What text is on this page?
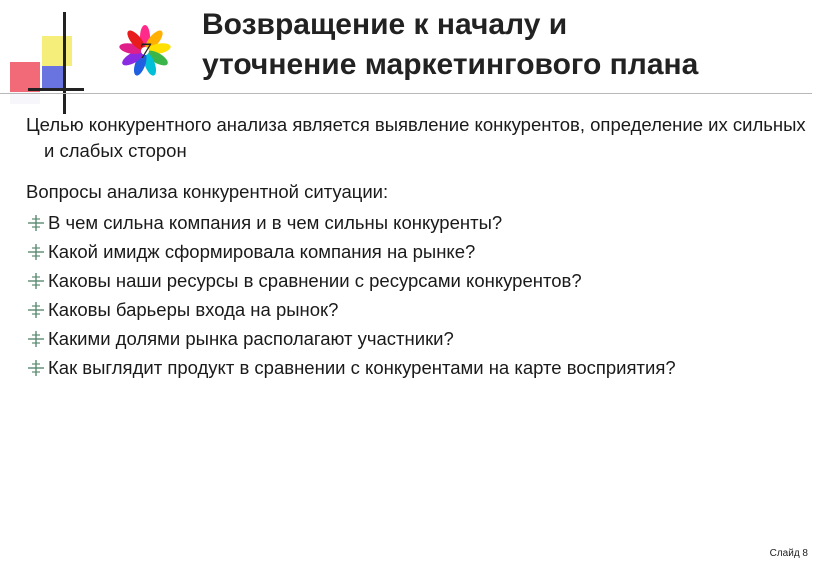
7
Возвращение к началу и
уточнение маркетингового плана
Целью конкурентного анализа является выявление конкурентов, определение их сильных и слабых сторон
Вопросы анализа конкурентной ситуации:
В чем сильна компания и в чем сильны конкуренты?
Какой имидж сформировала компания на рынке?
Каковы наши ресурсы в сравнении с ресурсами конкурентов?
Каковы барьеры входа на рынок?
Какими долями рынка располагают участники?
Как выглядит продукт в сравнении с конкурентами на карте восприятия?
Слайд 8
